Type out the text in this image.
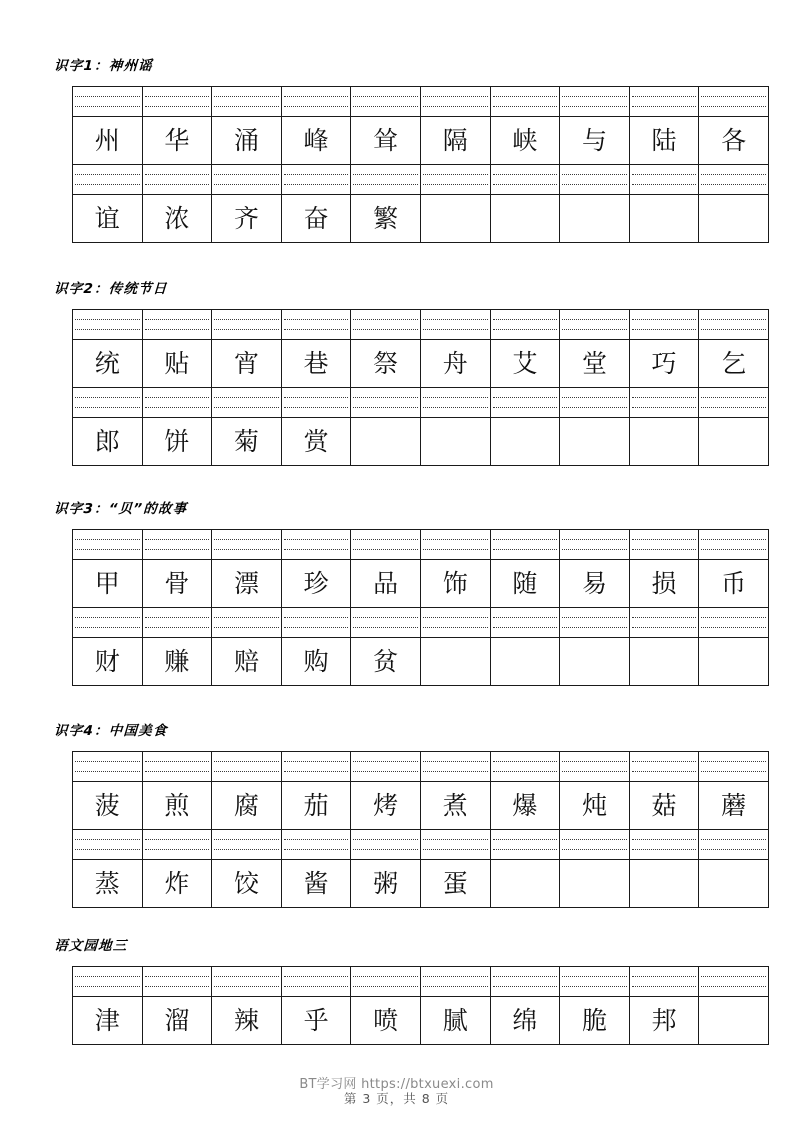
识字1：神州谣

州	华	涌	峰	耸	隔	峡	与	陆	各

谊	浓	齐	奋	繁					
识字2：传统节日

统	贴	宵	巷	祭	舟	艾	堂	巧	乞

郎	饼	菊	赏						
识字3：“贝”的故事

甲	骨	漂	珍	品	饰	随	易	损	币

财	赚	赔	购	贫					
识字4：中国美食

菠	煎	腐	茄	烤	煮	爆	炖	菇	蘑

蒸	炸	饺	酱	粥	蛋				
语文园地三

津	溜	辣	乎	喷	腻	绵	脆	邦	
BT学习网 https://btxuexi.com
第 3 页，共 8 页
